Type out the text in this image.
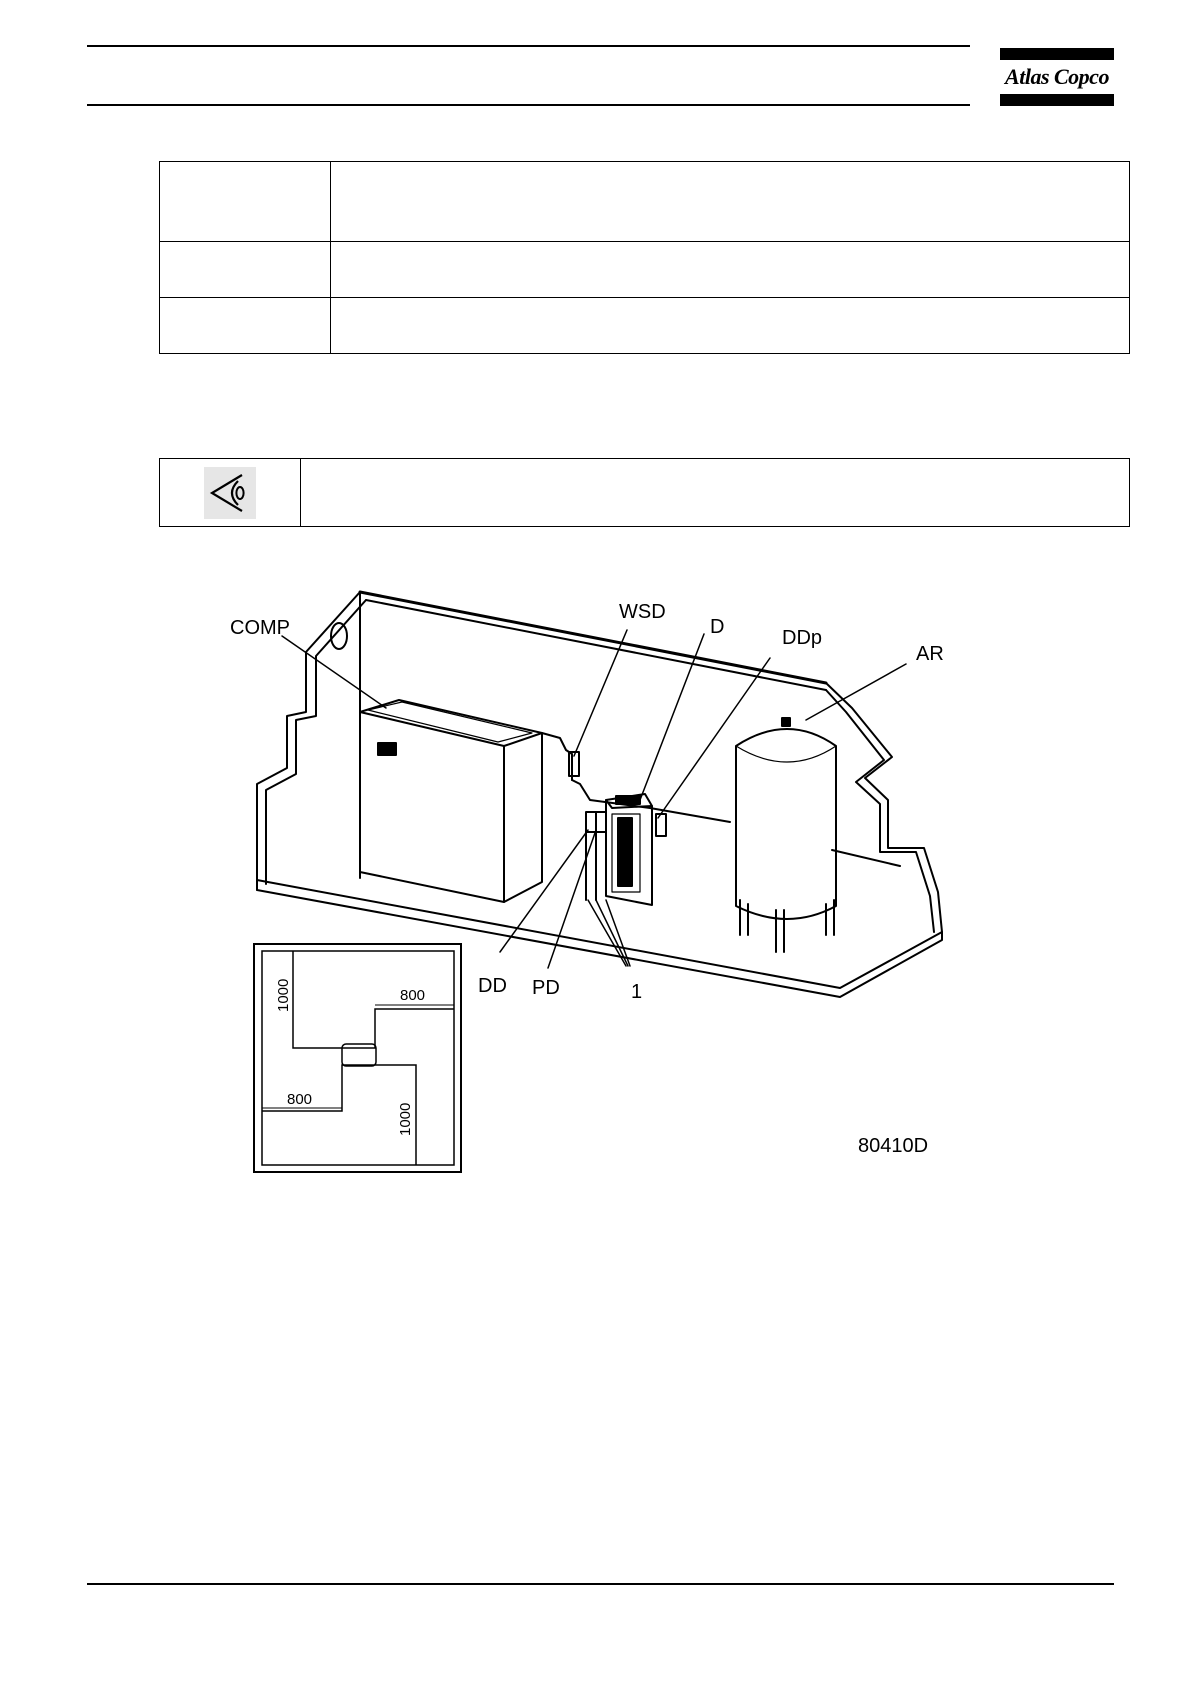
Atlas Copco

COMP
WSD
D	DDp
AR
DD PD	1
80410D
1000	800
800
1000
